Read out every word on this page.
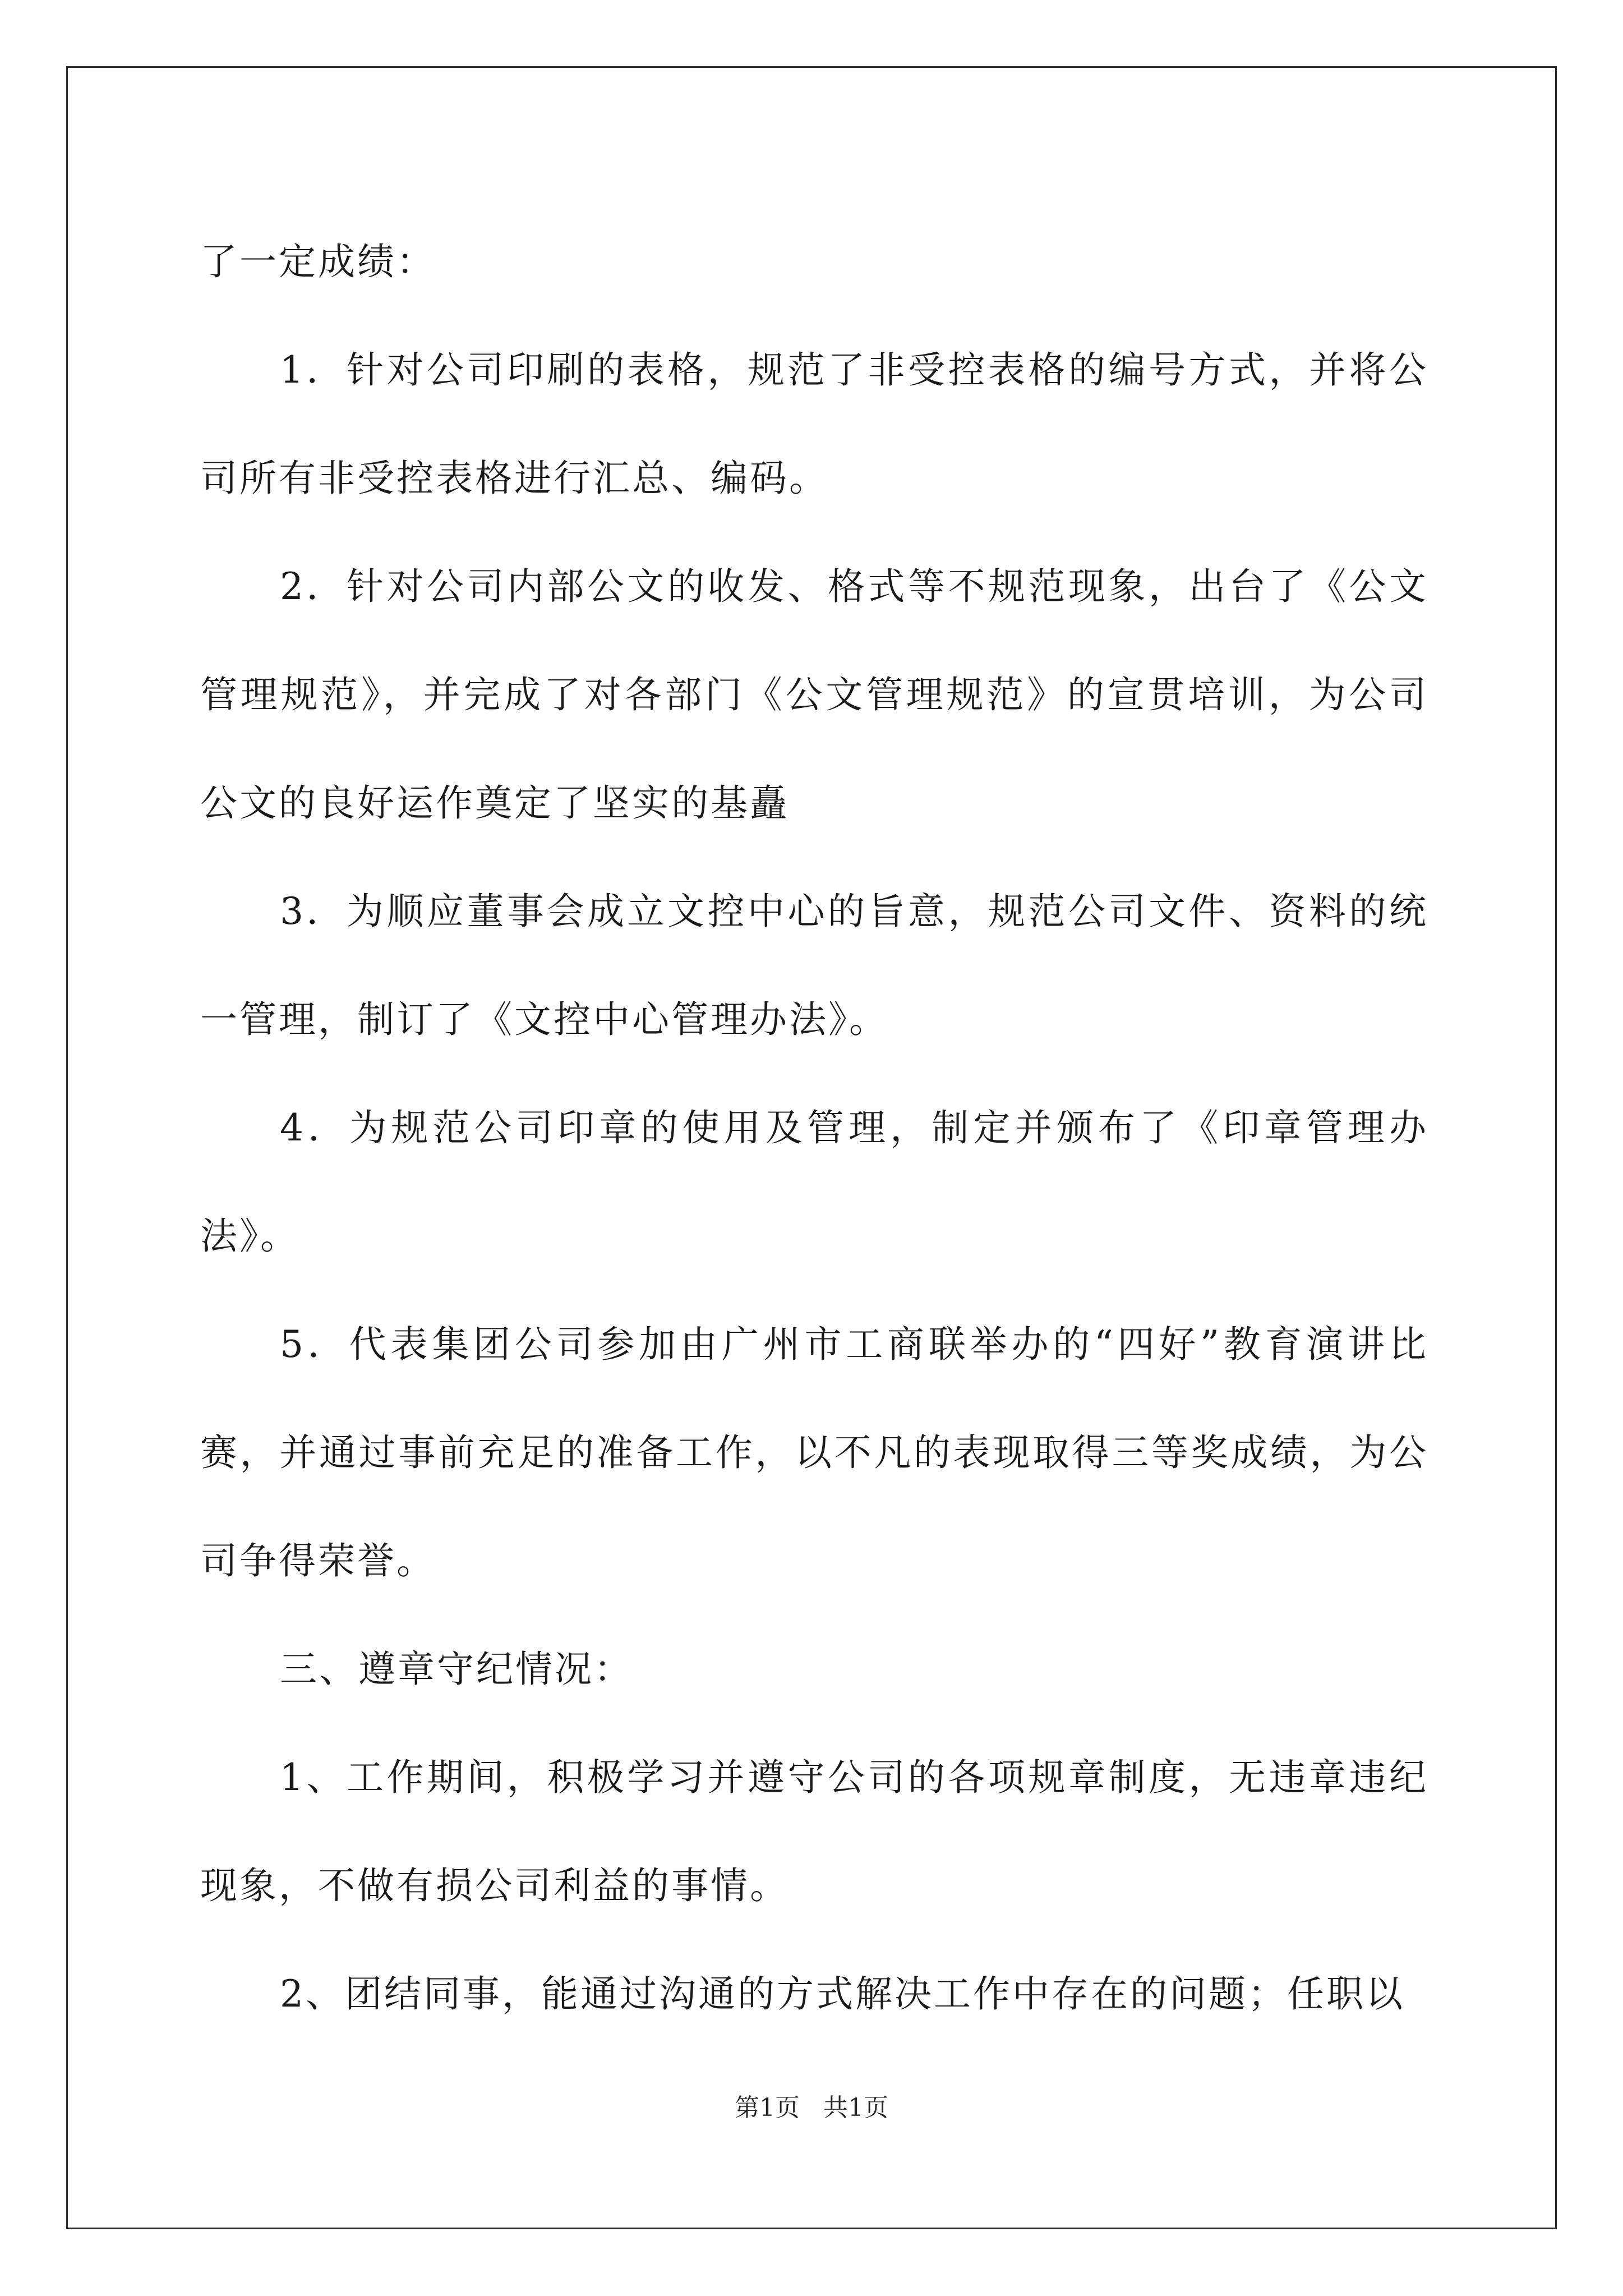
了一定成绩：

1．针对公司印刷的表格，规范了非受控表格的编号方式，并将公司所有非受控表格进行汇总、编码。

2．针对公司内部公文的收发、格式等不规范现象，出台了《公文管理规范》，并完成了对各部门《公文管理规范》的宣贯培训，为公司公文的良好运作奠定了坚实的基矗

3．为顺应董事会成立文控中心的旨意，规范公司文件、资料的统一管理，制订了《文控中心管理办法》。

4．为规范公司印章的使用及管理，制定并颁布了《印章管理办法》。

5．代表集团公司参加由广州市工商联举办的“四好”教育演讲比赛，并通过事前充足的准备工作，以不凡的表现取得三等奖成绩，为公司争得荣誉。

三、遵章守纪情况：

1、工作期间，积极学习并遵守公司的各项规章制度，无违章违纪现象，不做有损公司利益的事情。

2、团结同事，能通过沟通的方式解决工作中存在的问题；任职以

第1页 共1页
